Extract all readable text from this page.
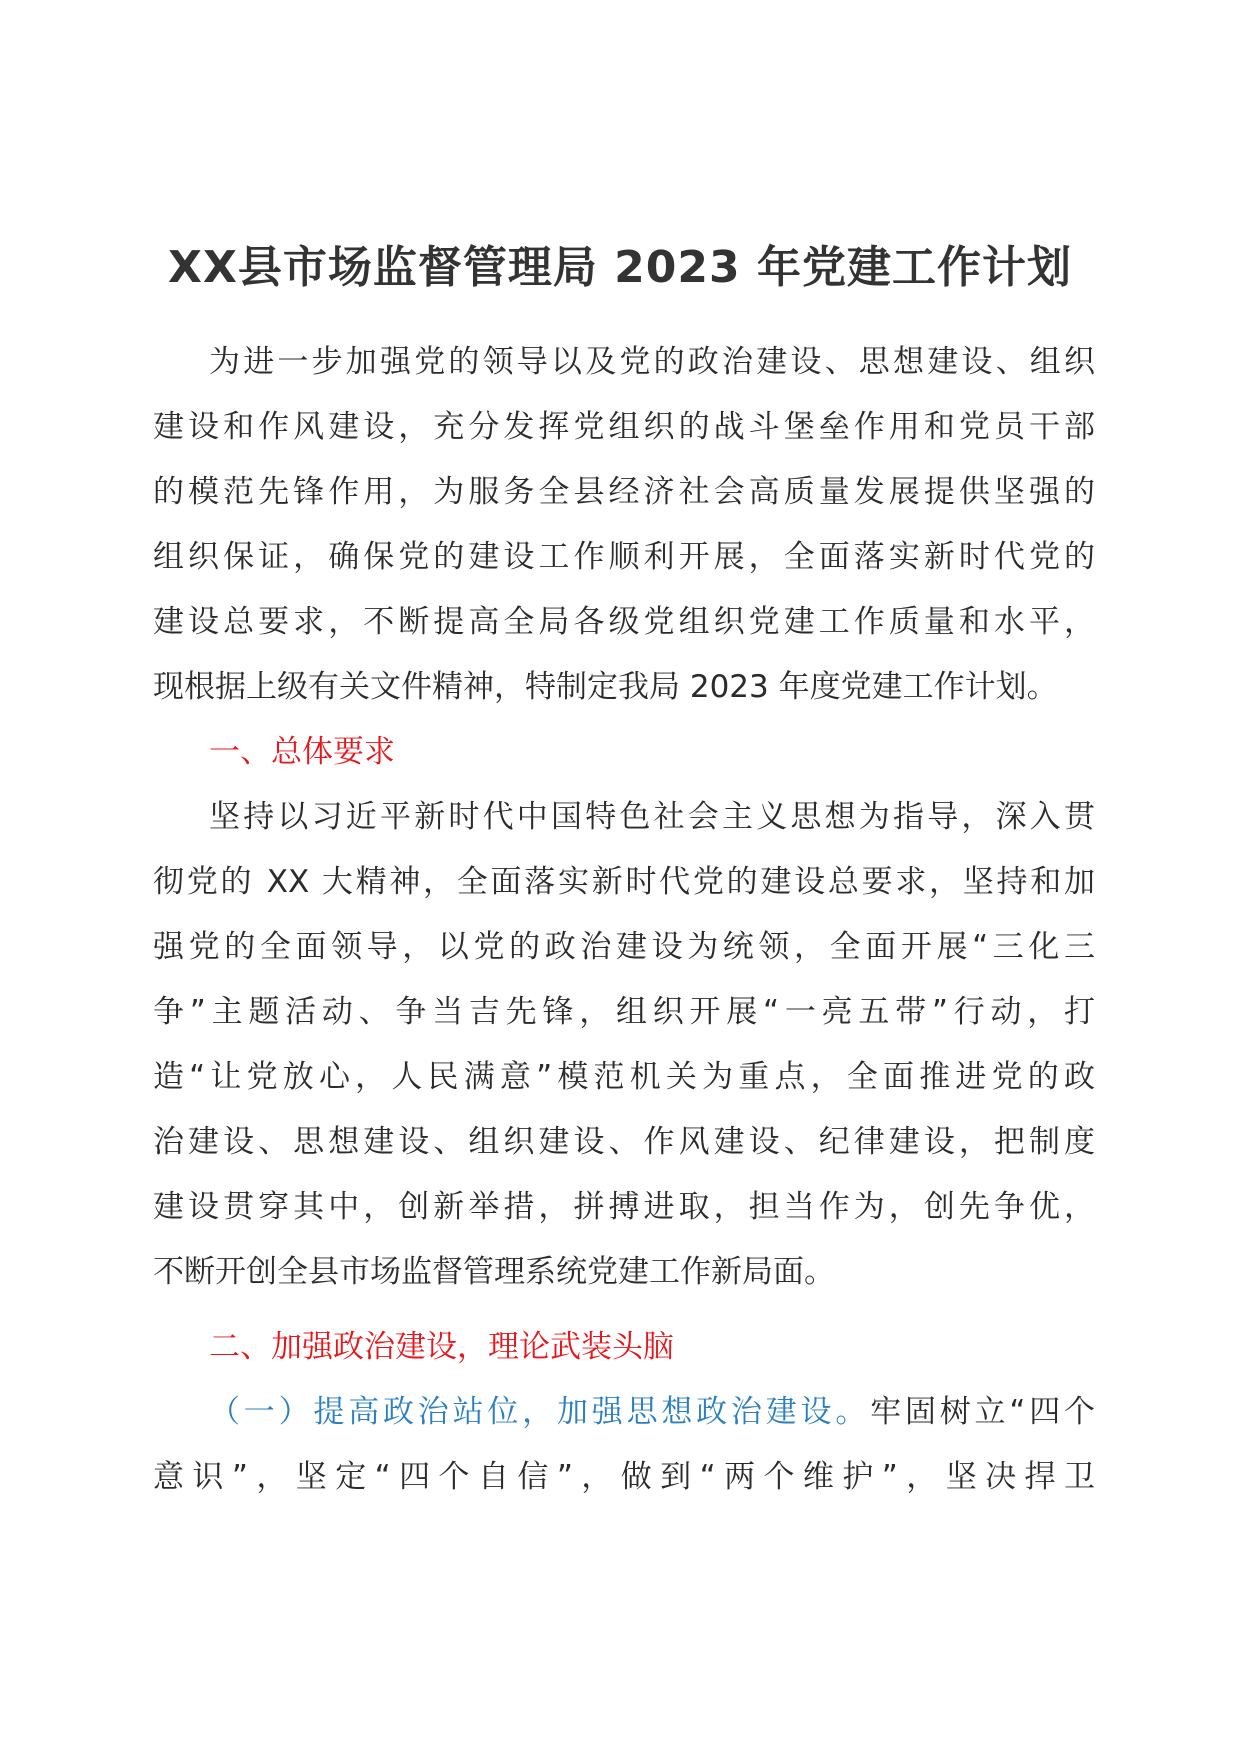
XX县市场监督管理局 2023 年党建工作计划
为进一步加强党的领导以及党的政治建设、思想建设、组织
建设和作风建设，充分发挥党组织的战斗堡垒作用和党员干部
的模范先锋作用，为服务全县经济社会高质量发展提供坚强的
组织保证，确保党的建设工作顺利开展，全面落实新时代党的
建设总要求，不断提高全局各级党组织党建工作质量和水平，
现根据上级有关文件精神，特制定我局 2023 年度党建工作计划。
一、总体要求
坚持以习近平新时代中国特色社会主义思想为指导，深入贯
彻党的 XX 大精神，全面落实新时代党的建设总要求，坚持和加
强党的全面领导，以党的政治建设为统领，全面开展“三化三
争”主题活动、争当吉先锋，组织开展“一亮五带”行动，打
造“让党放心，人民满意”模范机关为重点，全面推进党的政
治建设、思想建设、组织建设、作风建设、纪律建设，把制度
建设贯穿其中，创新举措，拼搏进取，担当作为，创先争优，
不断开创全县市场监督管理系统党建工作新局面。
二、加强政治建设，理论武装头脑
（一）提高政治站位，加强思想政治建设。牢固树立“四个
意识”，坚定“四个自信”，做到“两个维护”，坚决捍卫
